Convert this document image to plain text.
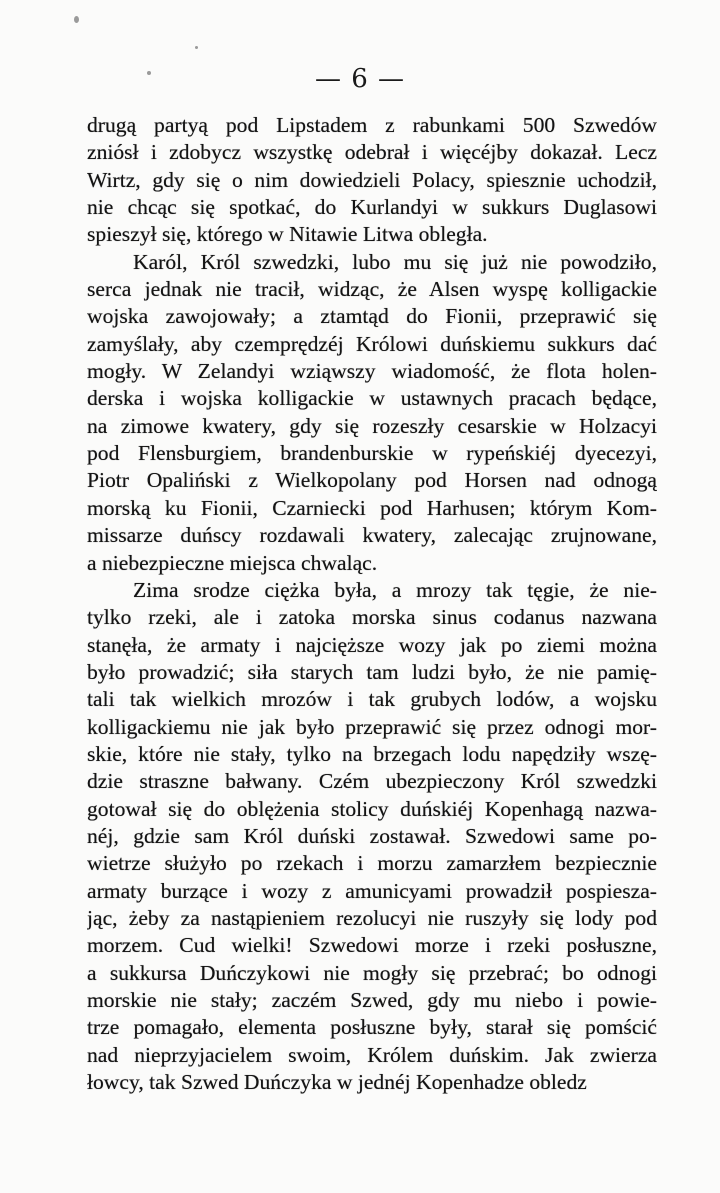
— 6 —
drugą partyą pod Lipstadem z rabunkami 500 Szwedów
zniósł i zdobycz wszystkę odebrał i więcéjby dokazał. Lecz
Wirtz, gdy się o nim dowiedzieli Polacy, spiesznie uchodził,
nie chcąc się spotkać, do Kurlandyi w sukkurs Duglasowi
spieszył się, którego w Nitawie Litwa obległa.
Karól, Król szwedzki, lubo mu się już nie powodziło,
serca jednak nie tracił, widząc, że Alsen wyspę kolligackie
wojska zawojowały; a ztamtąd do Fionii, przeprawić się
zamyślały, aby czemprędzéj Królowi duńskiemu sukkurs dać
mogły. W Zelandyi wziąwszy wiadomość, że flota holen-
derska i wojska kolligackie w ustawnych pracach będące,
na zimowe kwatery, gdy się rozeszły cesarskie w Holzacyi
pod Flensburgiem, brandenburskie w rypeńskiéj dyecezyi,
Piotr Opaliński z Wielkopolany pod Horsen nad odnogą
morską ku Fionii, Czarniecki pod Harhusen; którym Kom-
missarze duńscy rozdawali kwatery, zalecając zrujnowane,
a niebezpieczne miejsca chwaląc.
Zima srodze ciężka była, a mrozy tak tęgie, że nie-
tylko rzeki, ale i zatoka morska sinus codanus nazwana
stanęła, że armaty i najcięższe wozy jak po ziemi można
było prowadzić; siła starych tam ludzi było, że nie pamię-
tali tak wielkich mrozów i tak grubych lodów, a wojsku
kolligackiemu nie jak było przeprawić się przez odnogi mor-
skie, które nie stały, tylko na brzegach lodu napędziły wszę-
dzie straszne bałwany. Czém ubezpieczony Król szwedzki
gotował się do oblężenia stolicy duńskiéj Kopenhagą nazwa-
néj, gdzie sam Król duński zostawał. Szwedowi same po-
wietrze służyło po rzekach i morzu zamarzłem bezpiecznie
armaty burzące i wozy z amunicyami prowadził pospiesza-
jąc, żeby za nastąpieniem rezolucyi nie ruszyły się lody pod
morzem. Cud wielki! Szwedowi morze i rzeki posłuszne,
a sukkursa Duńczykowi nie mogły się przebrać; bo odnogi
morskie nie stały; zaczém Szwed, gdy mu niebo i powie-
trze pomagało, elementa posłuszne były, starał się pomścić
nad nieprzyjacielem swoim, Królem duńskim. Jak zwierza
łowcy, tak Szwed Duńczyka w jednéj Kopenhadze obledz
